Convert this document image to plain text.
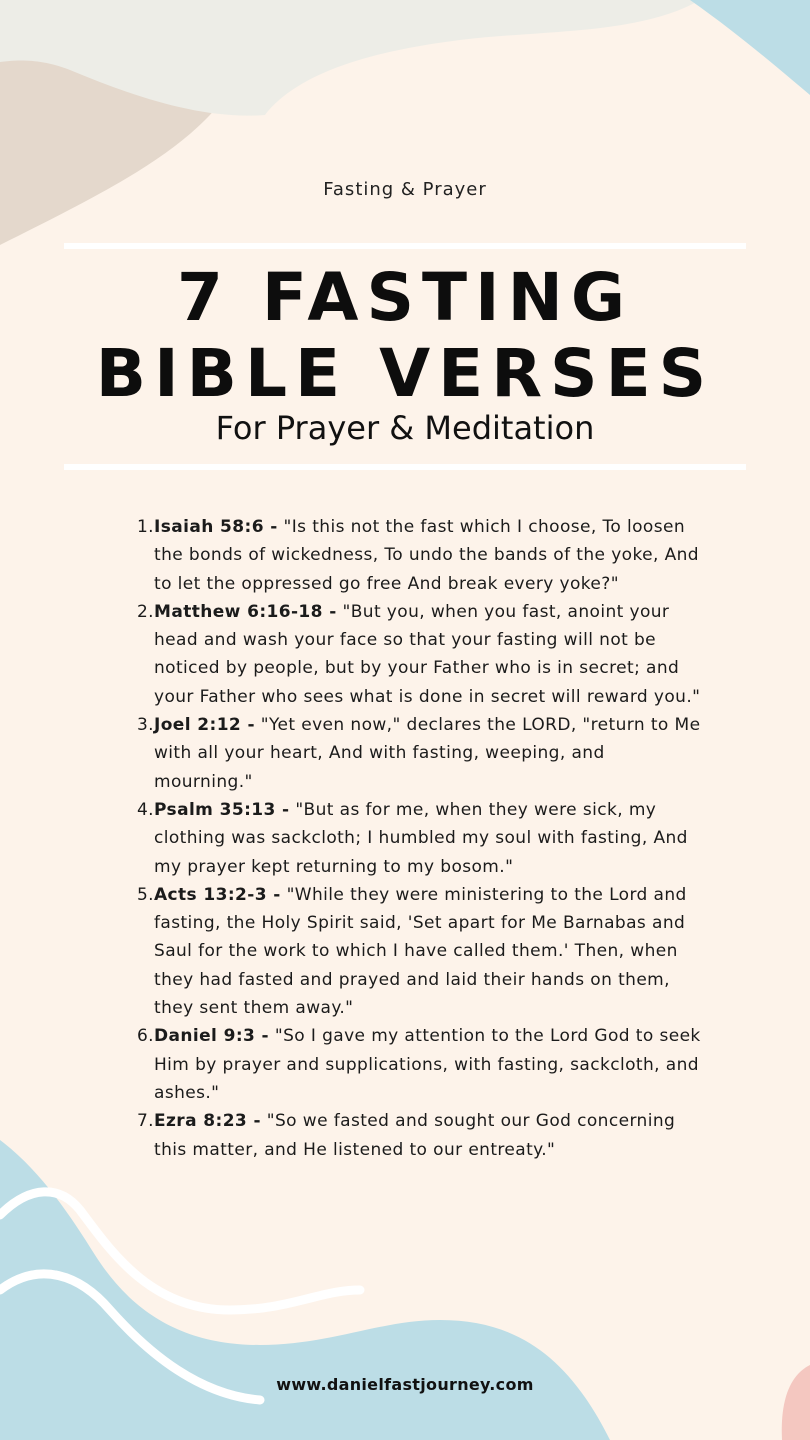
Fasting & Prayer
7 FASTING
BIBLE VERSES
For Prayer & Meditation
1. Isaiah 58:6 - "Is this not the fast which I choose, To loosen the bonds of wickedness, To undo the bands of the yoke, And to let the oppressed go free And break every yoke?"
2. Matthew 6:16-18 - "But you, when you fast, anoint your head and wash your face so that your fasting will not be noticed by people, but by your Father who is in secret; and your Father who sees what is done in secret will reward you."
3. Joel 2:12 - "Yet even now," declares the LORD, "return to Me with all your heart, And with fasting, weeping, and mourning."
4. Psalm 35:13 - "But as for me, when they were sick, my clothing was sackcloth; I humbled my soul with fasting, And my prayer kept returning to my bosom."
5. Acts 13:2-3 - "While they were ministering to the Lord and fasting, the Holy Spirit said, 'Set apart for Me Barnabas and Saul for the work to which I have called them.' Then, when they had fasted and prayed and laid their hands on them, they sent them away."
6. Daniel 9:3 - "So I gave my attention to the Lord God to seek Him by prayer and supplications, with fasting, sackcloth, and ashes."
7. Ezra 8:23 - "So we fasted and sought our God concerning this matter, and He listened to our entreaty."
www.danielfastjourney.com
